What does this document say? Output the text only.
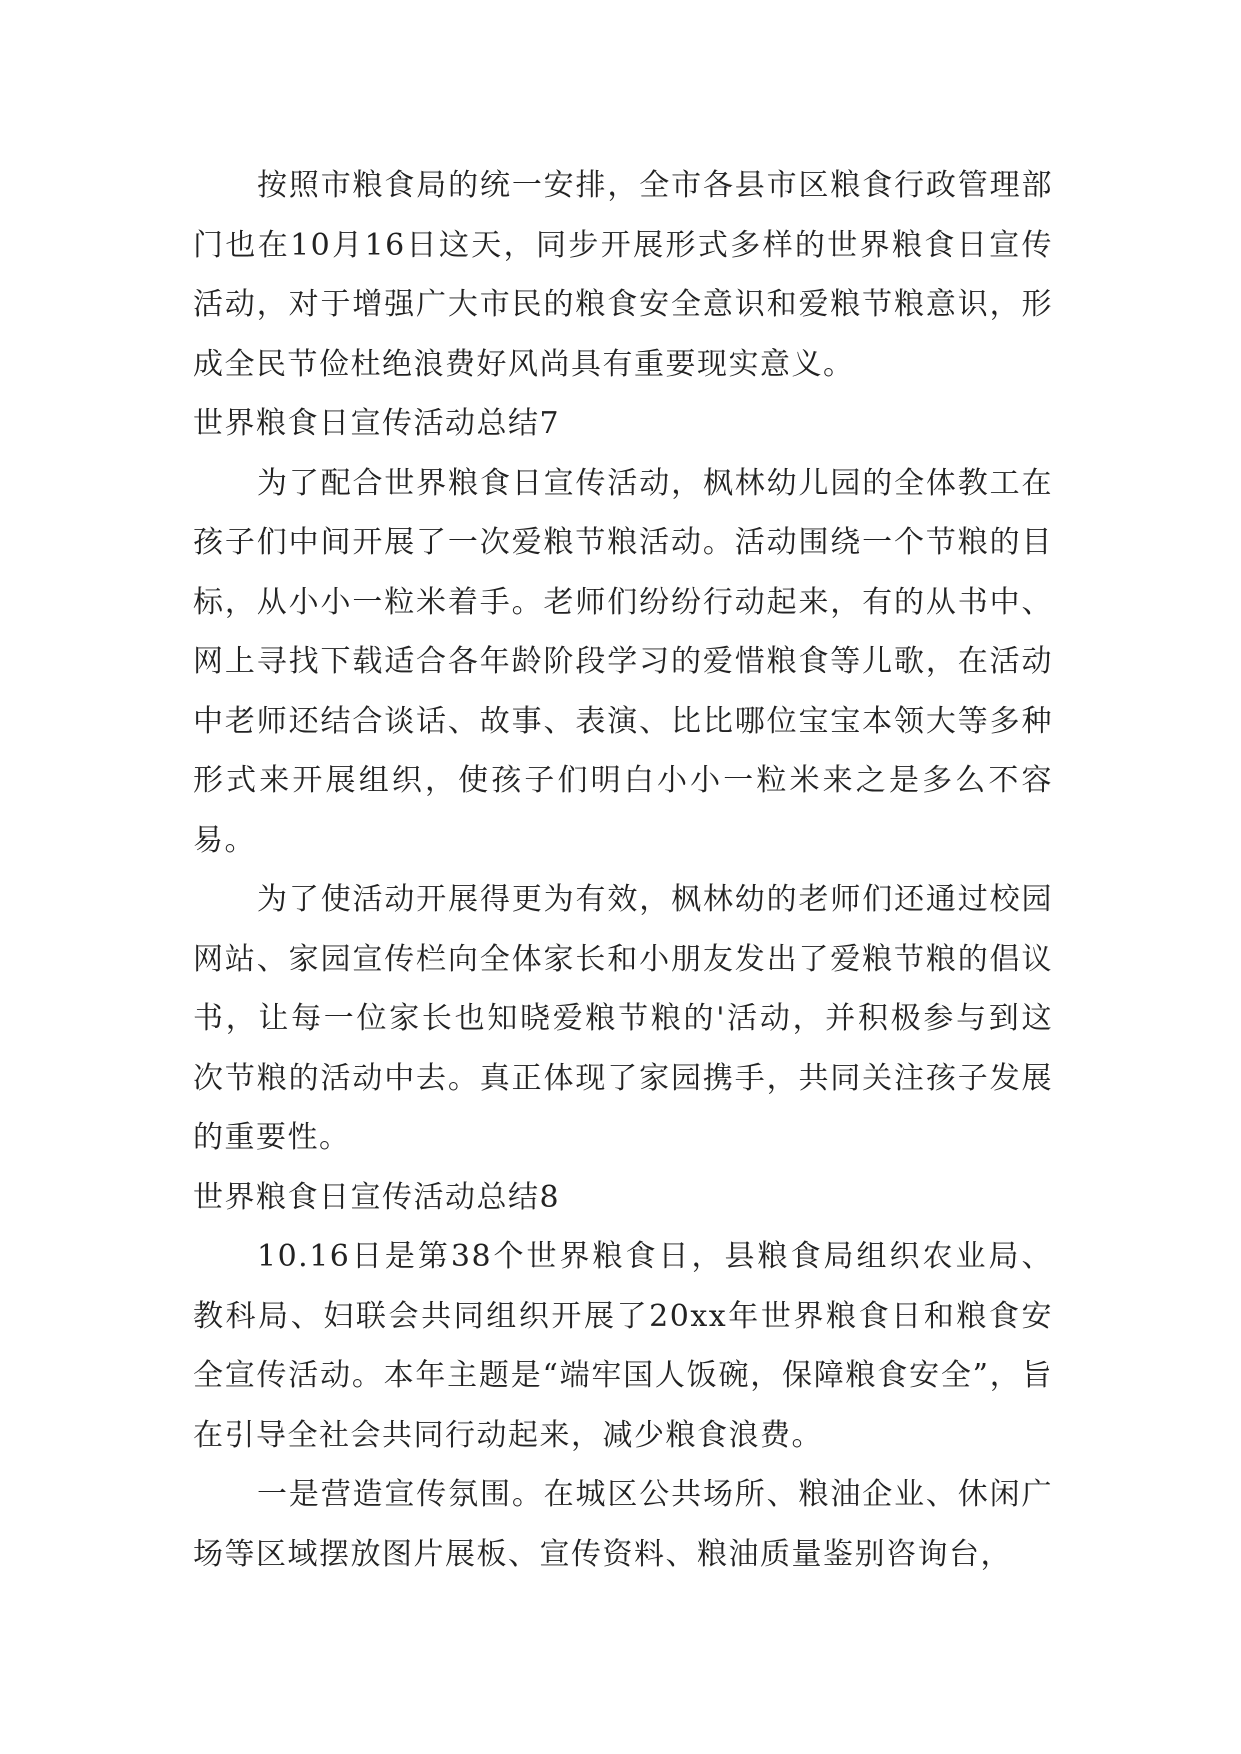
按照市粮食局的统一安排，全市各县市区粮食行政管理部门也在10月16日这天，同步开展形式多样的世界粮食日宣传活动，对于增强广大市民的粮食安全意识和爱粮节粮意识，形成全民节俭杜绝浪费好风尚具有重要现实意义。

世界粮食日宣传活动总结7

为了配合世界粮食日宣传活动，枫林幼儿园的全体教工在孩子们中间开展了一次爱粮节粮活动。活动围绕一个节粮的目标，从小小一粒米着手。老师们纷纷行动起来，有的从书中、网上寻找下载适合各年龄阶段学习的爱惜粮食等儿歌，在活动中老师还结合谈话、故事、表演、比比哪位宝宝本领大等多种形式来开展组织，使孩子们明白小小一粒米来之是多么不容易。

为了使活动开展得更为有效，枫林幼的老师们还通过校园网站、家园宣传栏向全体家长和小朋友发出了爱粮节粮的倡议书，让每一位家长也知晓爱粮节粮的'活动，并积极参与到这次节粮的活动中去。真正体现了家园携手，共同关注孩子发展的重要性。

世界粮食日宣传活动总结8

10.16日是第38个世界粮食日，县粮食局组织农业局、教科局、妇联会共同组织开展了20xx年世界粮食日和粮食安全宣传活动。本年主题是“端牢国人饭碗，保障粮食安全”，旨在引导全社会共同行动起来，减少粮食浪费。

一是营造宣传氛围。在城区公共场所、粮油企业、休闲广场等区域摆放图片展板、宣传资料、粮油质量鉴别咨询台，
